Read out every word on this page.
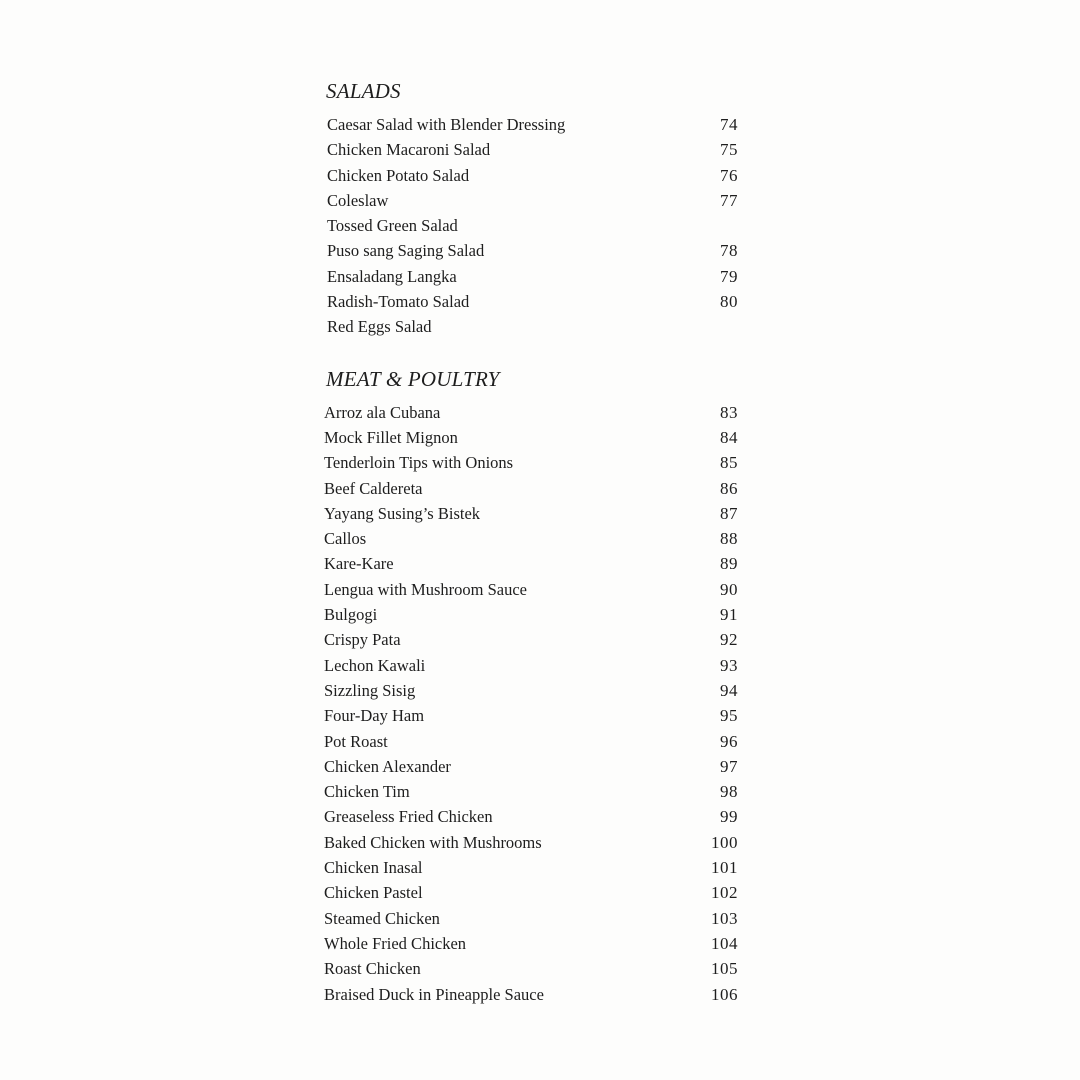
SALADS
Caesar Salad with Blender Dressing	74
Chicken Macaroni Salad	75
Chicken Potato Salad	76
Coleslaw	77
Tossed Green Salad
Puso sang Saging Salad	78
Ensaladang Langka	79
Radish-Tomato Salad	80
Red Eggs Salad
MEAT & POULTRY
Arroz ala Cubana	83
Mock Fillet Mignon	84
Tenderloin Tips with Onions	85
Beef Caldereta	86
Yayang Susing’s Bistek	87
Callos	88
Kare-Kare	89
Lengua with Mushroom Sauce	90
Bulgogi	91
Crispy Pata	92
Lechon Kawali	93
Sizzling Sisig	94
Four-Day Ham	95
Pot Roast	96
Chicken Alexander	97
Chicken Tim	98
Greaseless Fried Chicken	99
Baked Chicken with Mushrooms	100
Chicken Inasal	101
Chicken Pastel	102
Steamed Chicken	103
Whole Fried Chicken	104
Roast Chicken	105
Braised Duck in Pineapple Sauce	106
